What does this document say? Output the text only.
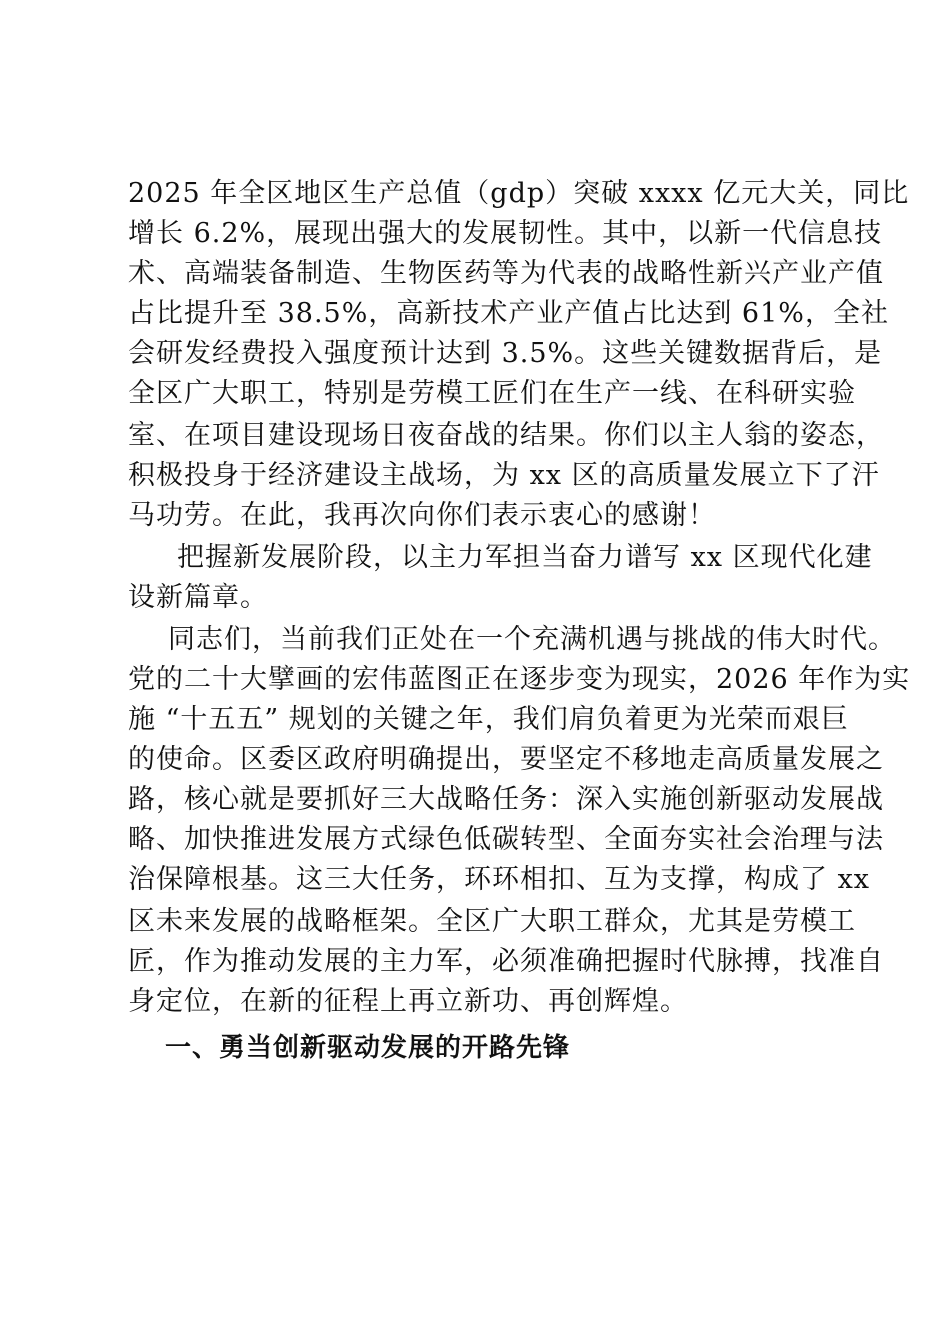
2025 年全区地区生产总值（gdp）突破 xxxx 亿元大关，同比
增长 6.2%，展现出强大的发展韧性。其中，以新一代信息技
术、高端装备制造、生物医药等为代表的战略性新兴产业产值
占比提升至 38.5%，高新技术产业产值占比达到 61%，全社
会研发经费投入强度预计达到 3.5%。这些关键数据背后，是
全区广大职工，特别是劳模工匠们在生产一线、在科研实验
室、在项目建设现场日夜奋战的结果。你们以主人翁的姿态，
积极投身于经济建设主战场，为 xx 区的高质量发展立下了汗
马功劳。在此，我再次向你们表示衷心的感谢！
把握新发展阶段，以主力军担当奋力谱写 xx 区现代化建
设新篇章。
同志们，当前我们正处在一个充满机遇与挑战的伟大时代。
党的二十大擘画的宏伟蓝图正在逐步变为现实，2026 年作为实
施 “十五五” 规划的关键之年，我们肩负着更为光荣而艰巨
的使命。区委区政府明确提出，要坚定不移地走高质量发展之
路，核心就是要抓好三大战略任务：深入实施创新驱动发展战
略、加快推进发展方式绿色低碳转型、全面夯实社会治理与法
治保障根基。这三大任务，环环相扣、互为支撑，构成了 xx
区未来发展的战略框架。全区广大职工群众，尤其是劳模工
匠，作为推动发展的主力军，必须准确把握时代脉搏，找准自
身定位，在新的征程上再立新功、再创辉煌。
一、勇当创新驱动发展的开路先锋
